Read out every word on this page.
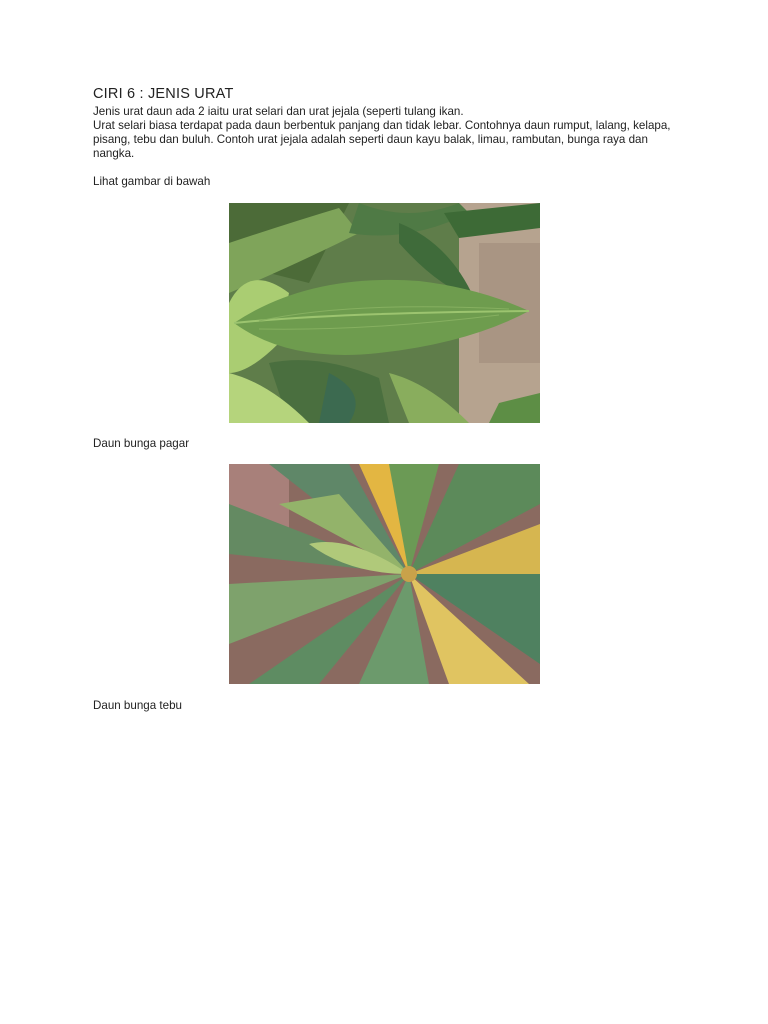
CIRI 6 : JENIS URAT

Jenis urat daun ada 2 iaitu urat selari dan urat jejala (seperti tulang ikan.

Urat selari biasa terdapat pada daun berbentuk panjang dan tidak lebar. Contohnya daun rumput, lalang, kelapa, pisang, tebu dan buluh. Contoh urat jejala adalah seperti daun kayu balak, limau, rambutan, bunga raya dan nangka.

Lihat gambar di bawah

Daun bunga pagar
Daun bunga tebu
